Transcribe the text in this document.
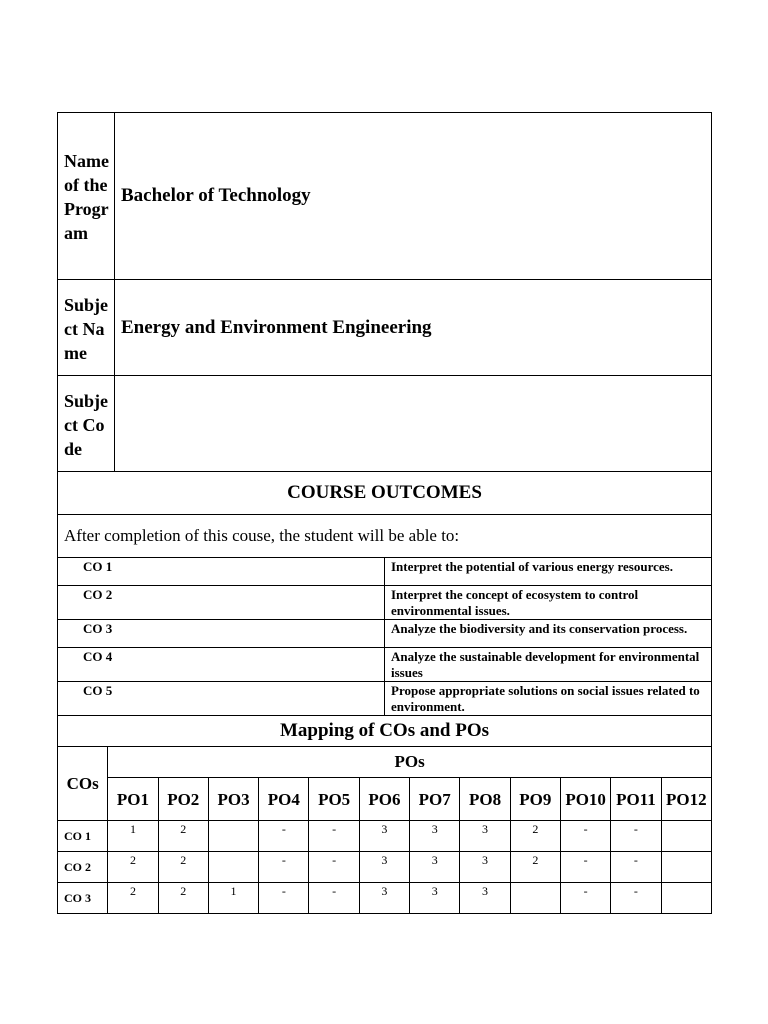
Name of the Program	Bachelor of Technology
Subject Name	Energy and Environment Engineering
Subject Code	
COURSE OUTCOMES	
After completion of this couse, the student will be able to:	
CO 1	Interpret the potential of various energy resources.
CO 2	Interpret the concept of ecosystem to control environmental issues.
CO 3	Analyze the biodiversity and its conservation process.
CO 4	Analyze the sustainable development for environmental issues
CO 5	Propose appropriate solutions on social issues related to environment.
Mapping of COs and POs												
COs	POs											
	PO1	PO2	PO3	PO4	PO5	PO6	PO7	PO8	PO9	PO10	PO11	PO12
CO 1	1	2		-	-	3	3	3	2	-	-	
CO 2	2	2		-	-	3	3	3	2	-	-	
CO 3	2	2	1	-	-	3	3	3		-	-	
